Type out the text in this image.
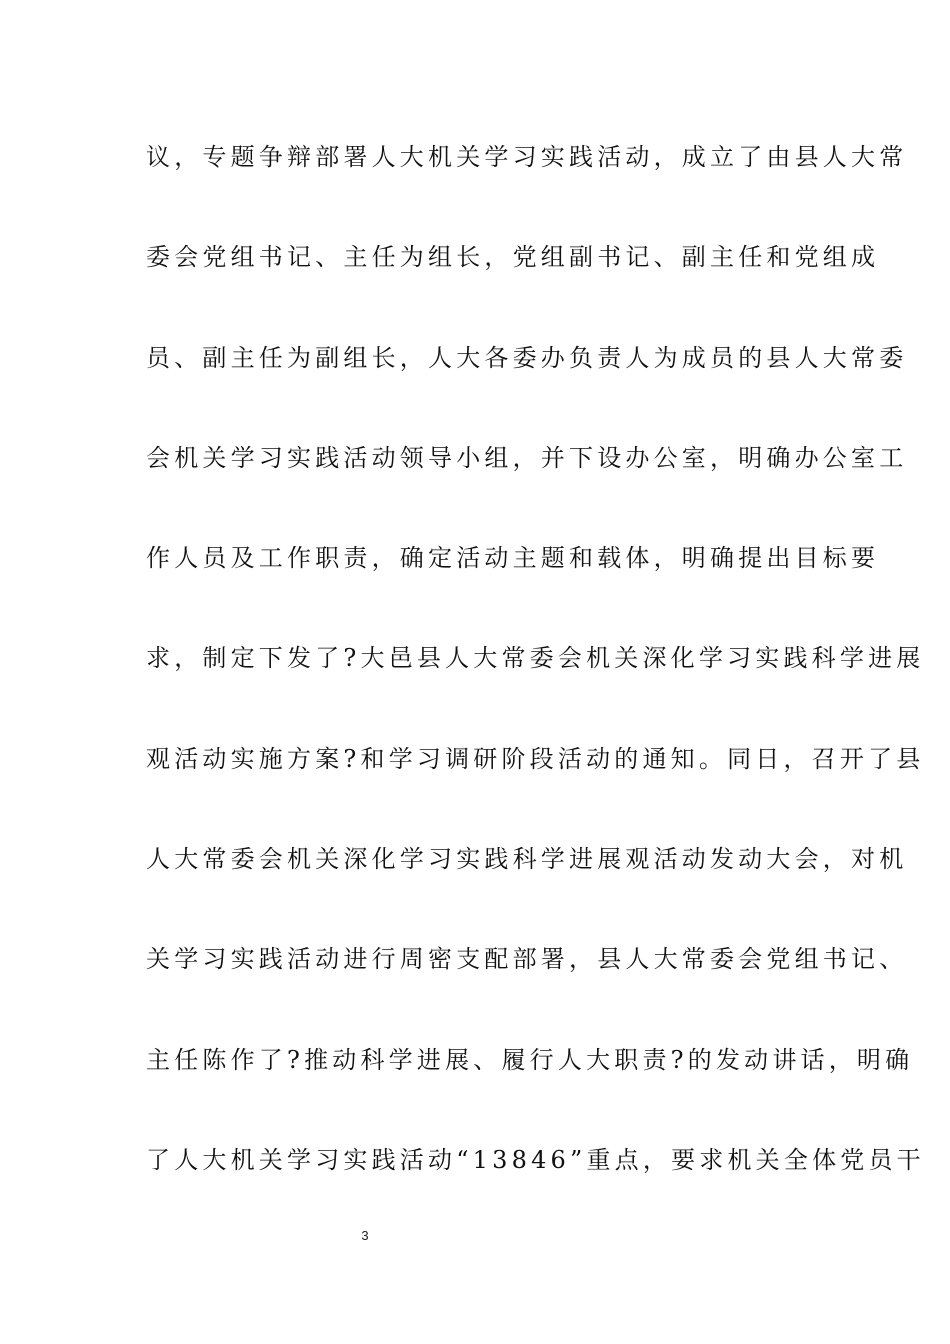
议，专题争辩部署人大机关学习实践活动，成立了由县人大常
委会党组书记、主任为组长，党组副书记、副主任和党组成
员、副主任为副组长，人大各委办负责人为成员的县人大常委
会机关学习实践活动领导小组，并下设办公室，明确办公室工
作人员及工作职责，确定活动主题和载体，明确提出目标要
求，制定下发了?大邑县人大常委会机关深化学习实践科学进展
观活动实施方案?和学习调研阶段活动的通知。同日，召开了县
人大常委会机关深化学习实践科学进展观活动发动大会，对机
关学习实践活动进行周密支配部署，县人大常委会党组书记、
主任陈作了?推动科学进展、履行人大职责?的发动讲话，明确
了人大机关学习实践活动“13846”重点，要求机关全体党员干
3
